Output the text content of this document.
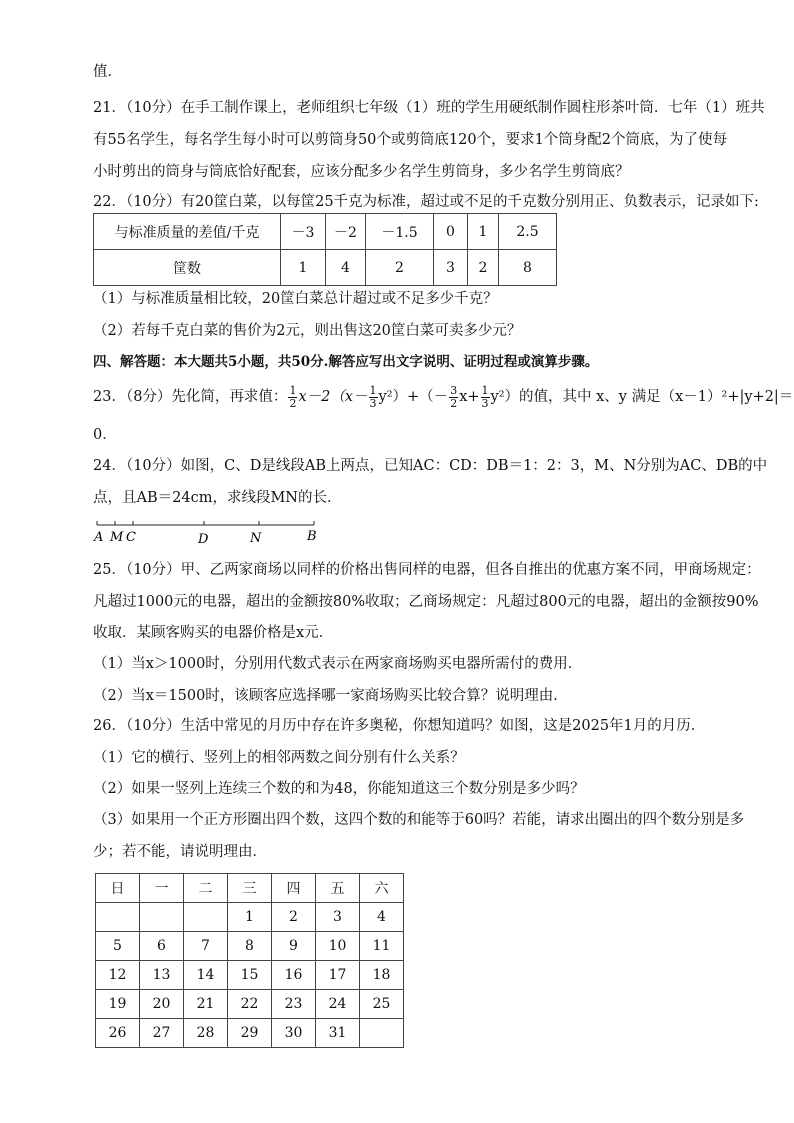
值．
21．（10分）在手工制作课上，老师组织七年级（1）班的学生用硬纸制作圆柱形茶叶筒．七年（1）班共
有55名学生，每名学生每小时可以剪筒身50个或剪筒底120个，要求1个筒身配2个筒底，为了使每
小时剪出的筒身与筒底恰好配套，应该分配多少名学生剪筒身，多少名学生剪筒底？
22．（10分）有20筐白菜，以每筐25千克为标准，超过或不足的千克数分别用正、负数表示，记录如下:
与标准质量的差值/千克	－3	－2	－1.5	0	1	2.5
筐数	1	4	2	3	2	8
（1）与标准质量相比较，20筐白菜总计超过或不足多少千克？
（2）若每千克白菜的售价为2元，则出售这20筐白菜可卖多少元？
四、解答题：本大题共5小题，共50分.解答应写出文字说明、证明过程或演算步骤。
23．（8分）先化简，再求值： $\frac{1}{2} x-2(x- \frac{1}{3} y^2)+(- \frac{3}{2} x+ \frac{1}{3} y^2)$的值，其中 x、y 满足（x－1）²+|y+2|＝
0．
24．（10分）如图，C、D是线段AB上两点，已知AC：CD：DB＝1：2：3，M、N分别为AC、DB的中
点，且AB＝24cm，求线段MN的长．
A M C	D	N	B
25．（10分）甲、乙两家商场以同样的价格出售同样的电器，但各自推出的优惠方案不同，甲商场规定：
凡超过1000元的电器，超出的金额按80%收取；乙商场规定：凡超过800元的电器，超出的金额按90%
收取．某顾客购买的电器价格是x元．
（1）当x＞1000时，分别用代数式表示在两家商场购买电器所需付的费用．
（2）当x＝1500时，该顾客应选择哪一家商场购买比较合算？说明理由．
26．（10分）生活中常见的月历中存在许多奥秘，你想知道吗？如图，这是2025年1月的月历．
（1）它的横行、竖列上的相邻两数之间分别有什么关系？
（2）如果一竖列上连续三个数的和为48，你能知道这三个数分别是多少吗？
（3）如果用一个正方形圈出四个数，这四个数的和能等于60吗？若能，请求出圈出的四个数分别是多
少；若不能，请说明理由．
日	一	二	三	四	五	六
			1	2	3	4
5	6	7	8	9	10	11
12	13	14	15	16	17	18
19	20	21	22	23	24	25
26	27	28	29	30	31	
